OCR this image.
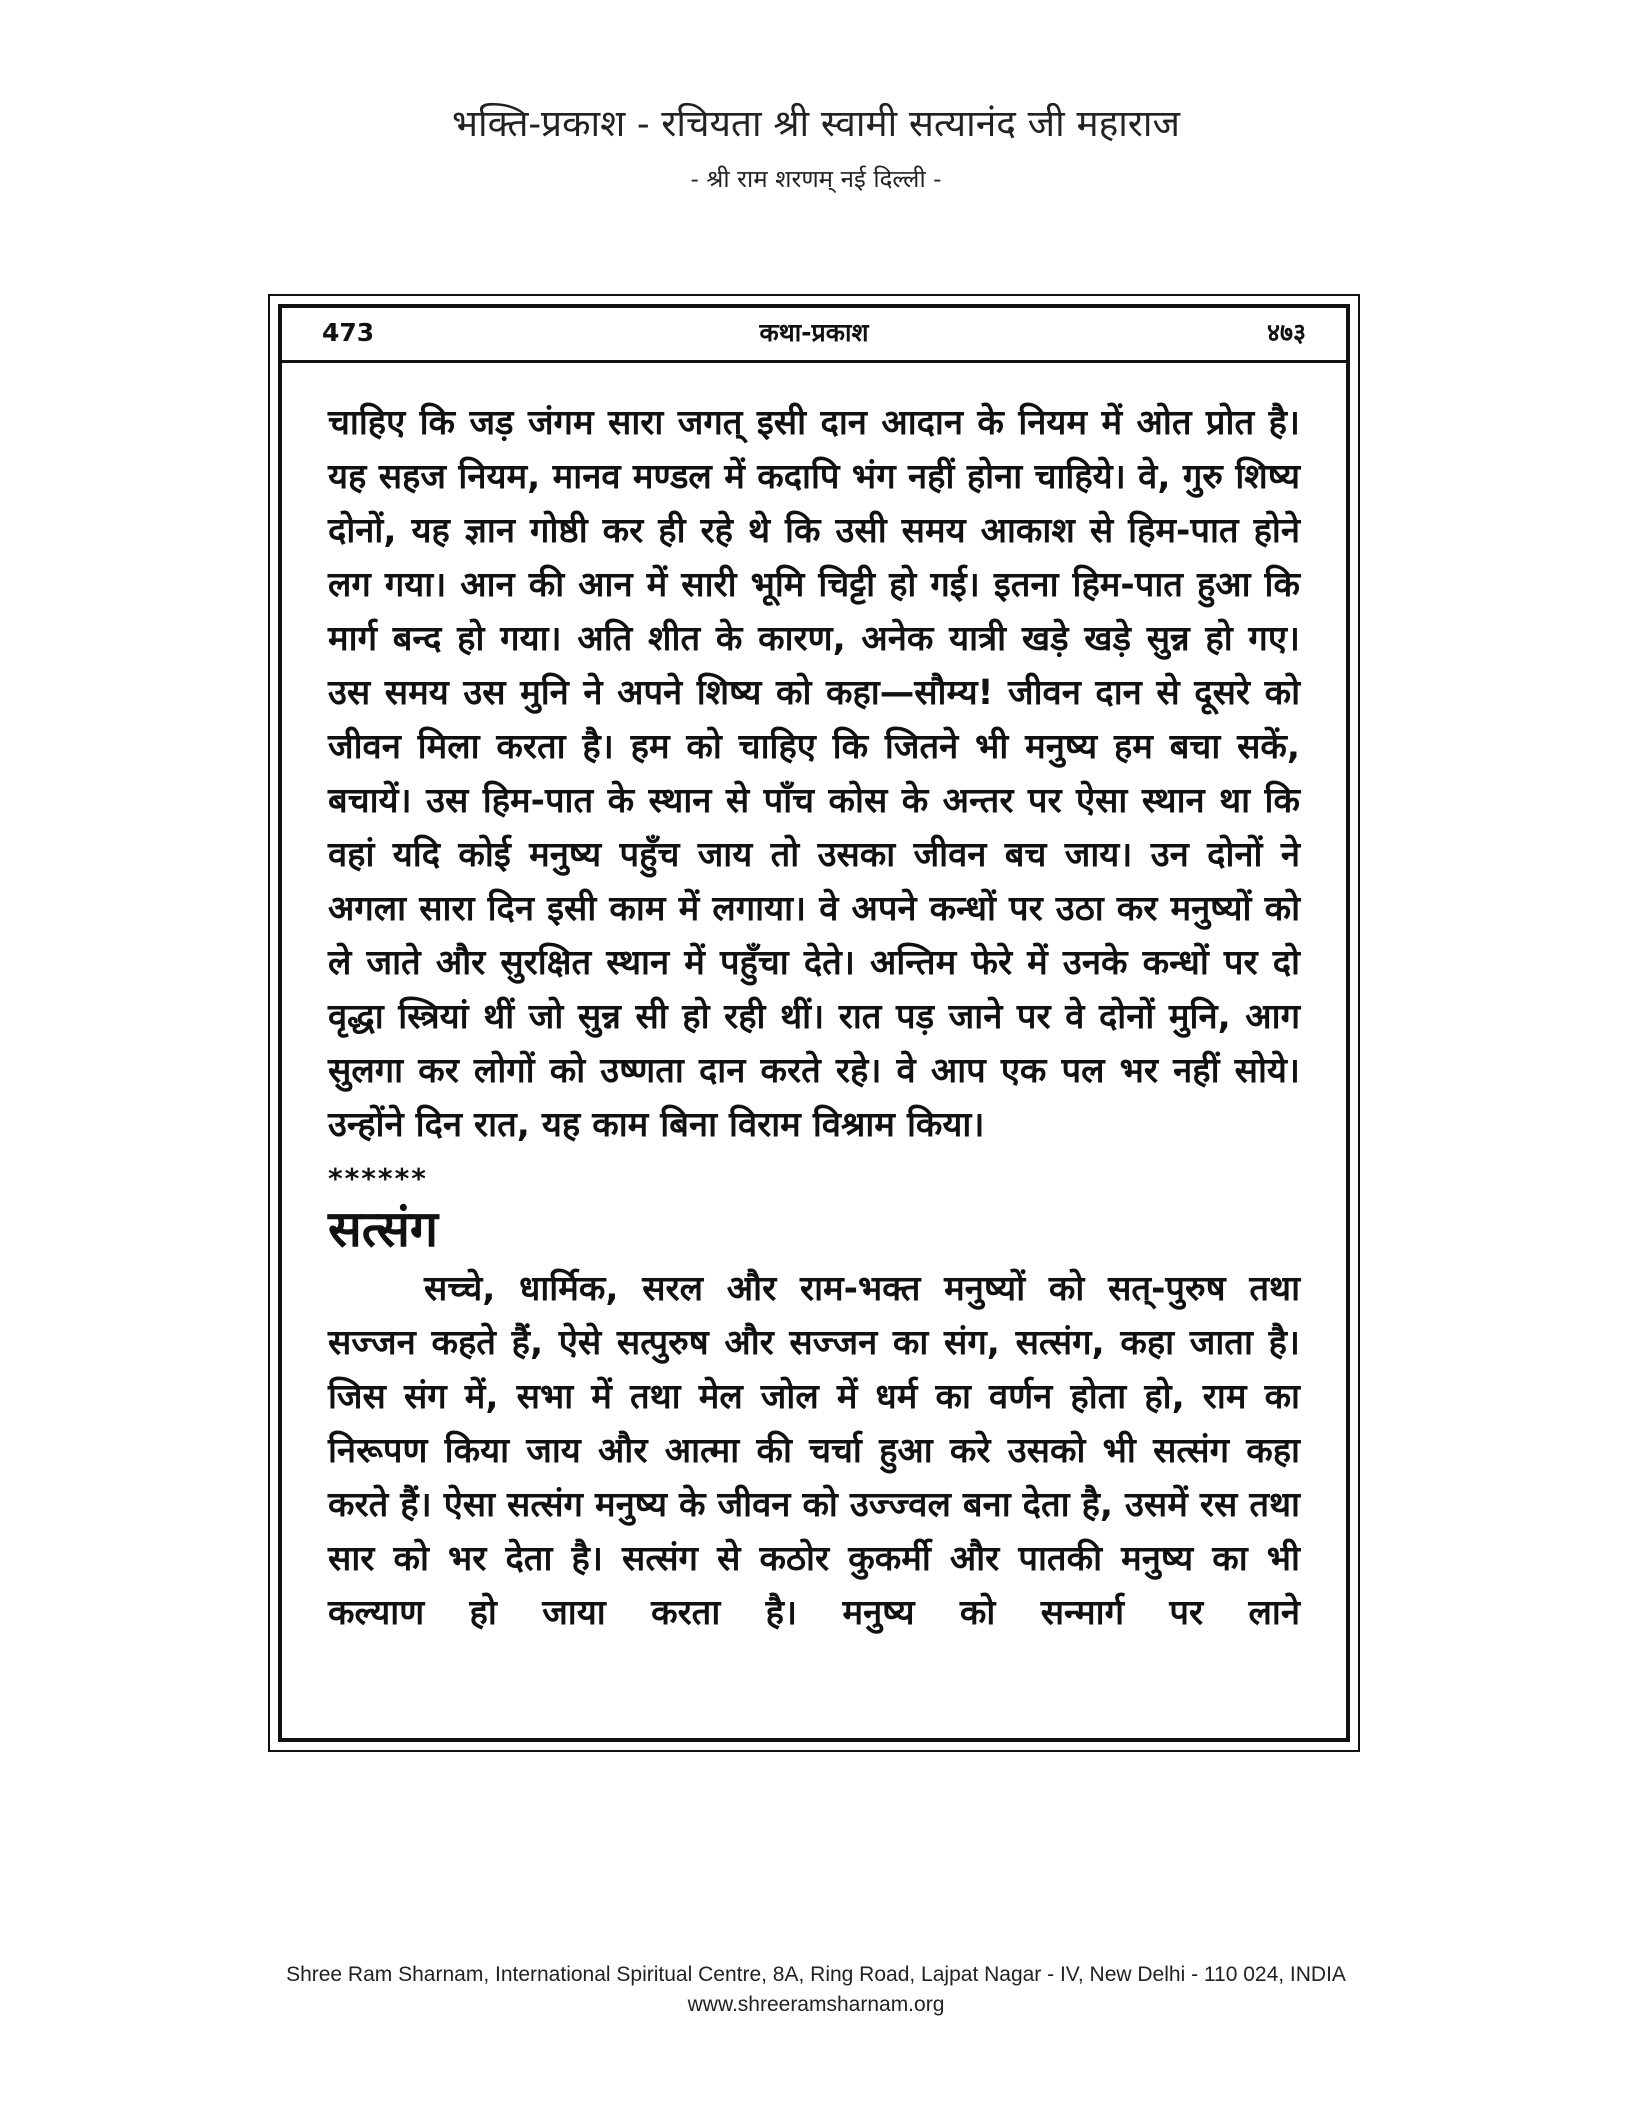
भक्ति-प्रकाश - रचियता श्री स्वामी सत्यानंद जी महाराज
- श्री राम शरणम् नई दिल्ली -
कथा-प्रकाश
473	४७३

चाहिए कि जड़ जंगम सारा जगत् इसी दान आदान के नियम में ओत प्रोत है। यह सहज नियम, मानव मण्डल में कदापि भंग नहीं होना चाहिये। वे, गुरु शिष्य दोनों, यह ज्ञान गोष्ठी कर ही रहे थे कि उसी समय आकाश से हिम-पात होने लग गया। आन की आन में सारी भूमि चिट्टी हो गई। इतना हिम-पात हुआ कि मार्ग बन्द हो गया। अति शीत के कारण, अनेक यात्री खड़े खड़े सुन्न हो गए। उस समय उस मुनि ने अपने शिष्य को कहा—सौम्य! जीवन दान से दूसरे को जीवन मिला करता है। हम को चाहिए कि जितने भी मनुष्य हम बचा सकें, बचायें। उस हिम-पात के स्थान से पाँच कोस के अन्तर पर ऐसा स्थान था कि वहां यदि कोई मनुष्य पहुँच जाय तो उसका जीवन बच जाय। उन दोनों ने अगला सारा दिन इसी काम में लगाया। वे अपने कन्धों पर उठा कर मनुष्यों को ले जाते और सुरक्षित स्थान में पहुँचा देते। अन्तिम फेरे में उनके कन्धों पर दो वृद्धा स्त्रियां थीं जो सुन्न सी हो रही थीं। रात पड़ जाने पर वे दोनों मुनि, आग सुलगा कर लोगों को उष्णता दान करते रहे। वे आप एक पल भर नहीं सोये। उन्होंने दिन रात, यह काम बिना विराम विश्राम किया।

******
सत्संग

सच्चे, धार्मिक, सरल और राम-भक्त मनुष्यों को सत्-पुरुष तथा सज्जन कहते हैं, ऐसे सत्पुरुष और सज्जन का संग, सत्संग, कहा जाता है। जिस संग में, सभा में तथा मेल जोल में धर्म का वर्णन होता हो, राम का निरूपण किया जाय और आत्मा की चर्चा हुआ करे उसको भी सत्संग कहा करते हैं। ऐसा सत्संग मनुष्य के जीवन को उज्ज्वल बना देता है, उसमें रस तथा सार को भर देता है। सत्संग से कठोर कुकर्मी और पातकी मनुष्य का भी कल्याण हो जाया करता है। मनुष्य को सन्मार्ग पर लाने

Shree Ram Sharnam, International Spiritual Centre, 8A, Ring Road, Lajpat Nagar - IV, New Delhi - 110 024, INDIA
www.shreeramsharnam.org
